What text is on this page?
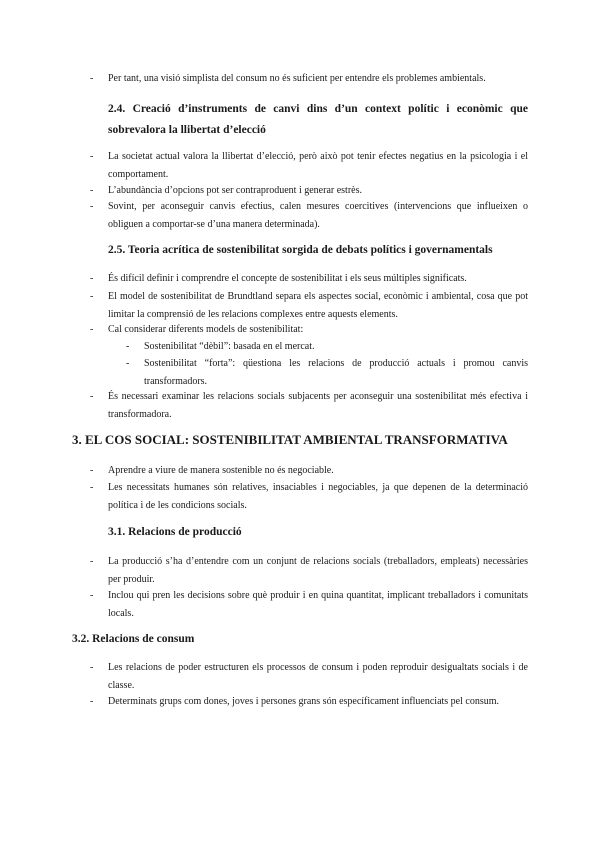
- Per tant, una visió simplista del consum no és suficient per entendre els problemes ambientals.
2.4. Creació d’instruments de canvi dins d’un context polític i econòmic que sobrevalora la llibertat d’elecció
- La societat actual valora la llibertat d’elecció, però això pot tenir efectes negatius en la psicologia i el comportament.
- L’abundància d’opcions pot ser contraproduent i generar estrès.
- Sovint, per aconseguir canvis efectius, calen mesures coercitives (intervencions que influeixen o obliguen a comportar-se d’una manera determinada).
2.5. Teoria acrítica de sostenibilitat sorgida de debats polítics i governamentals
- És difícil definir i comprendre el concepte de sostenibilitat i els seus múltiples significats.
- El model de sostenibilitat de Brundtland separa els aspectes social, econòmic i ambiental, cosa que pot limitar la comprensió de les relacions complexes entre aquests elements.
- Cal considerar diferents models de sostenibilitat:
- Sostenibilitat “dèbil”: basada en el mercat.
- Sostenibilitat “forta”: qüestiona les relacions de producció actuals i promou canvis transformadors.
- És necessari examinar les relacions socials subjacents per aconseguir una sostenibilitat més efectiva i transformadora.
3. EL COS SOCIAL: SOSTENIBILITAT AMBIENTAL TRANSFORMATIVA
- Aprendre a viure de manera sostenible no és negociable.
- Les necessitats humanes són relatives, insaciables i negociables, ja que depenen de la determinació política i de les condicions socials.
3.1. Relacions de producció
- La producció s’ha d’entendre com un conjunt de relacions socials (treballadors, empleats) necessàries per produir.
- Inclou qui pren les decisions sobre què produir i en quina quantitat, implicant treballadors i comunitats locals.
3.2. Relacions de consum
- Les relacions de poder estructuren els processos de consum i poden reproduir desigualtats socials i de classe.
- Determinats grups com dones, joves i persones grans són específicament influenciats pel consum.
